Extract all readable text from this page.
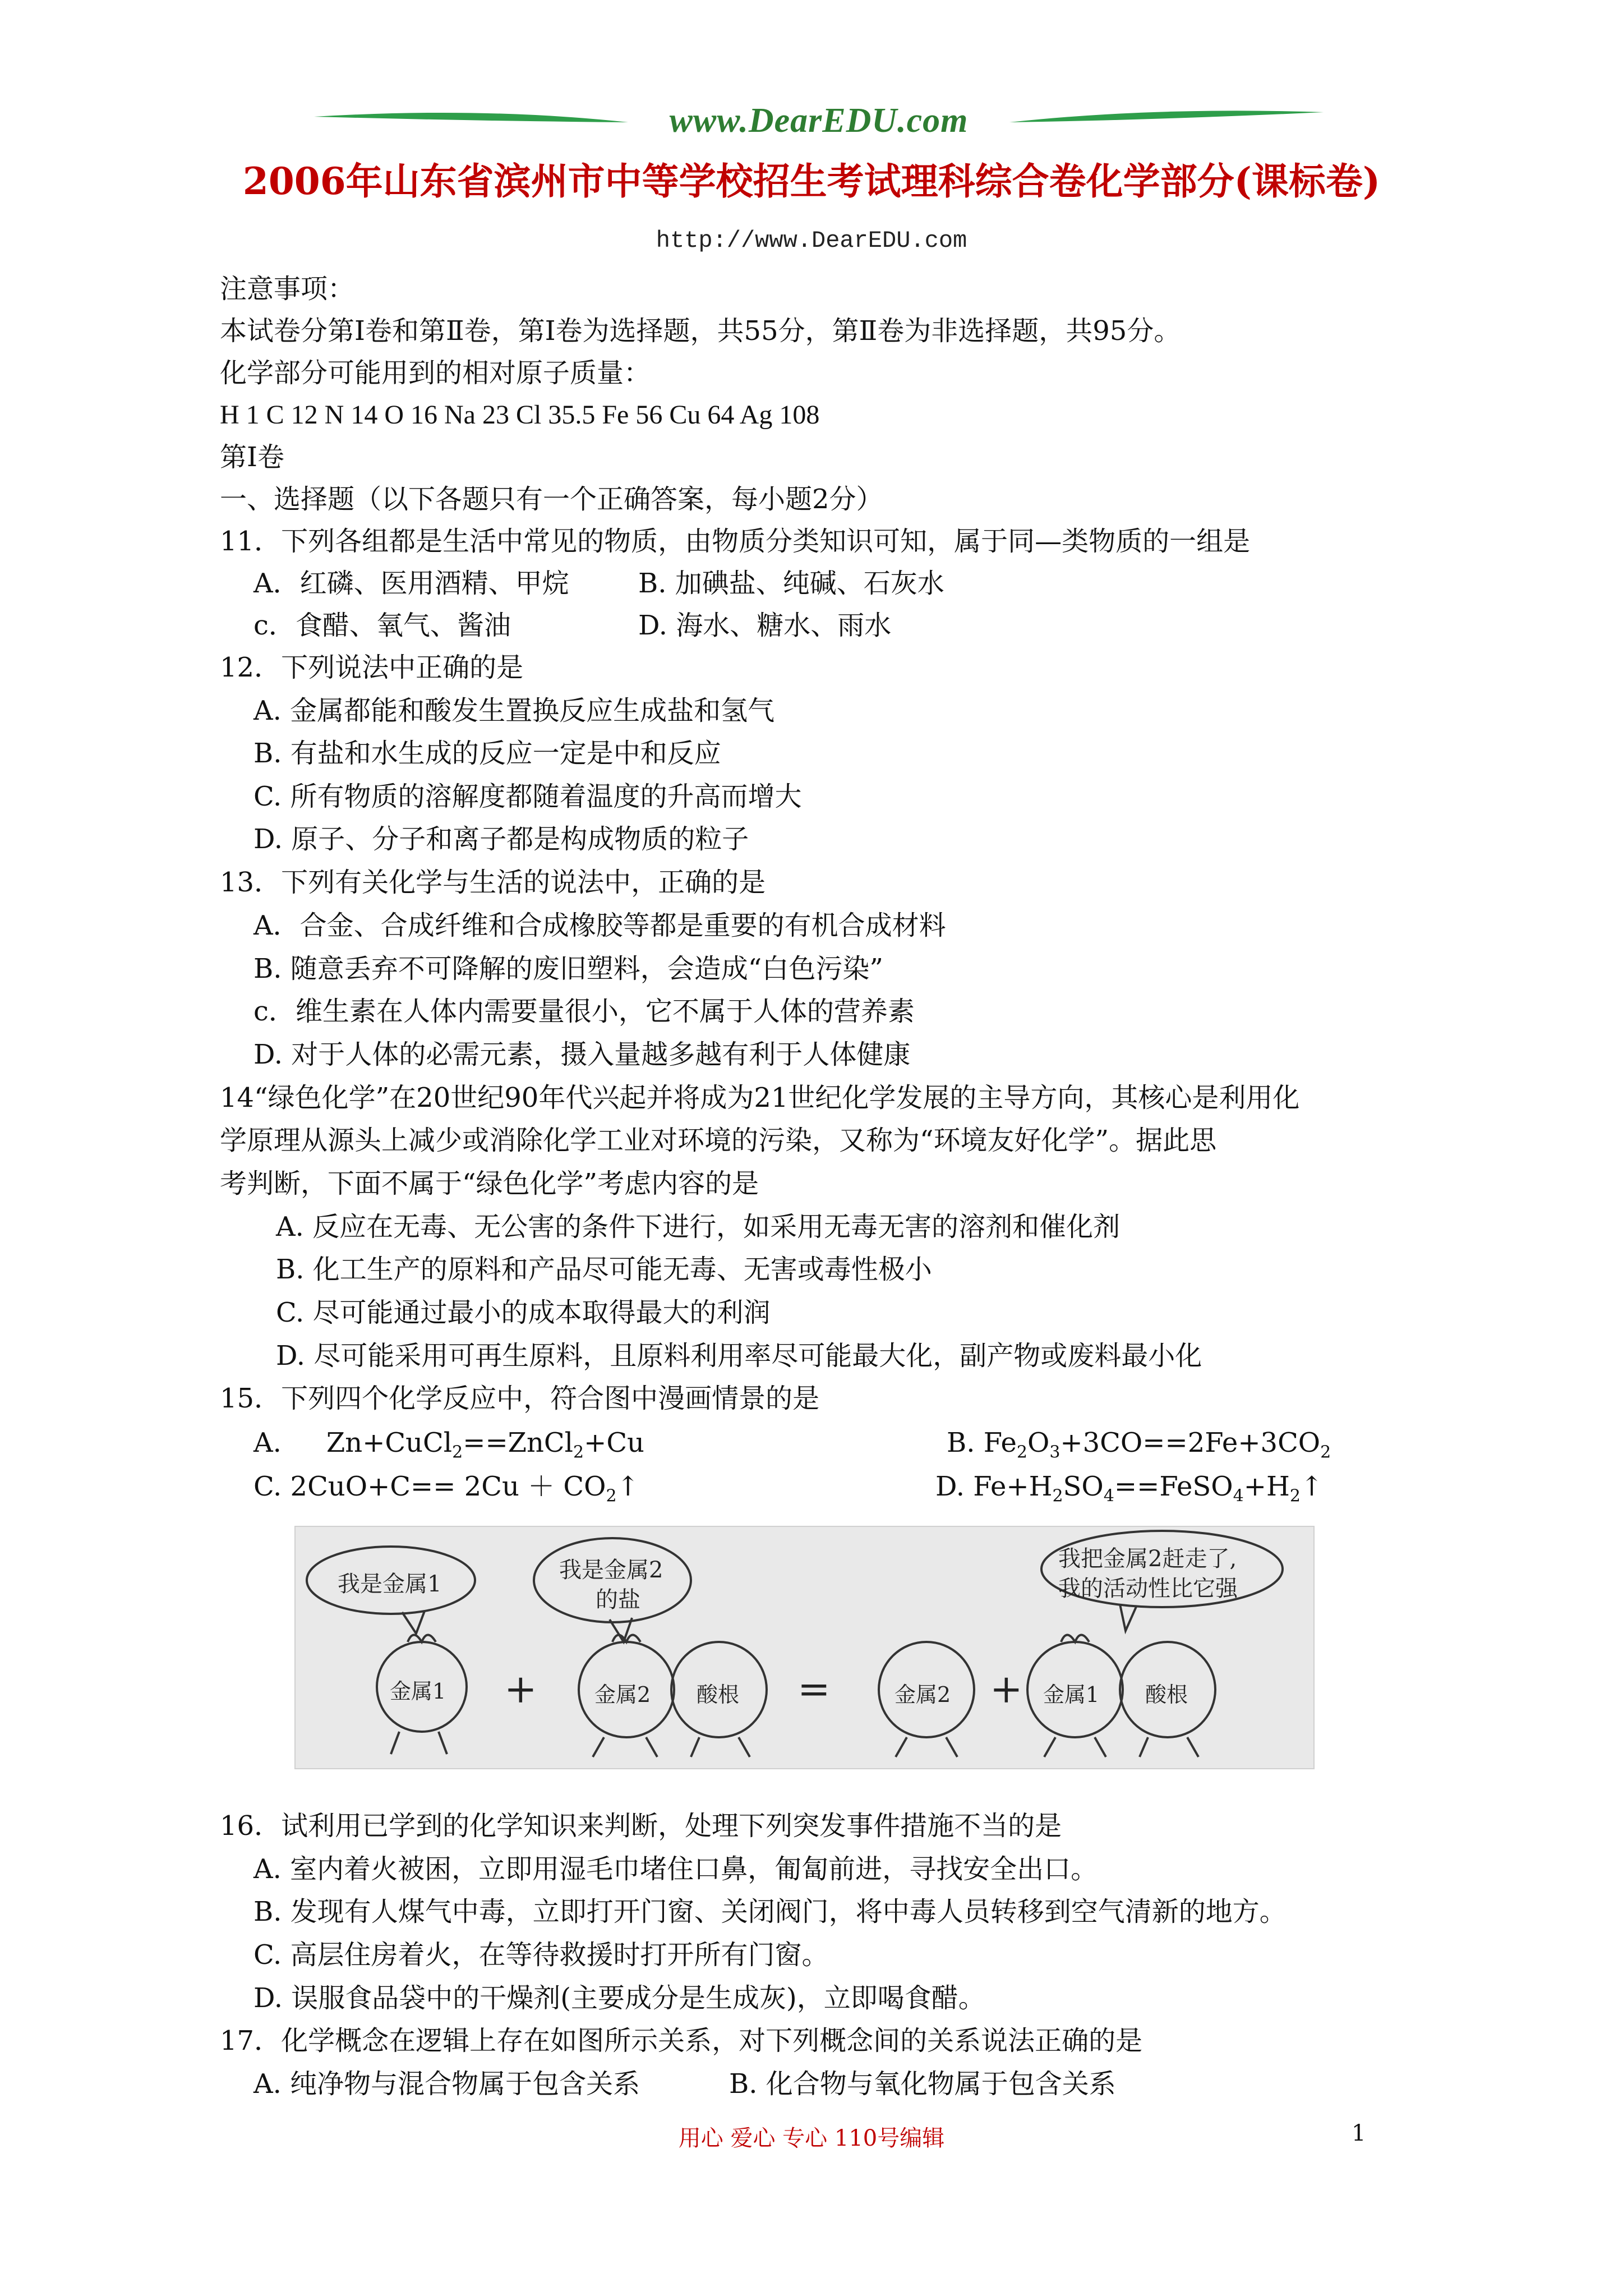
www.DearEDU.com
2006年山东省滨州市中等学校招生考试理科综合卷化学部分(课标卷)
http://www.DearEDU.com
注意事项：
本试卷分第Ⅰ卷和第Ⅱ卷，第Ⅰ卷为选择题，共55分，第Ⅱ卷为非选择题，共95分。
化学部分可能用到的相对原子质量：
H 1 C 12 N 14 O 16 Na 23 Cl 35.5 Fe 56 Cu 64 Ag 108
第Ⅰ卷
一、选择题（以下各题只有一个正确答案，每小题2分）
11．下列各组都是生活中常见的物质，由物质分类知识可知，属于同—类物质的一组是
A．红磷、医用酒精、甲烷	B. 加碘盐、纯碱、石灰水
c．食醋、氧气、酱油	D. 海水、糖水、雨水
12．下列说法中正确的是
A. 金属都能和酸发生置换反应生成盐和氢气
B. 有盐和水生成的反应一定是中和反应
C. 所有物质的溶解度都随着温度的升高而增大
D. 原子、分子和离子都是构成物质的粒子
13．下列有关化学与生活的说法中，正确的是
A．合金、合成纤维和合成橡胶等都是重要的有机合成材料
B. 随意丢弃不可降解的废旧塑料，会造成“白色污染”
c．维生素在人体内需要量很小，它不属于人体的营养素
D. 对于人体的必需元素，摄入量越多越有利于人体健康
14“绿色化学”在20世纪90年代兴起并将成为21世纪化学发展的主导方向，其核心是利用化
学原理从源头上减少或消除化学工业对环境的污染，又称为“环境友好化学”。据此思
考判断，下面不属于“绿色化学”考虑内容的是
A. 反应在无毒、无公害的条件下进行，如采用无毒无害的溶剂和催化剂
B. 化工生产的原料和产品尽可能无毒、无害或毒性极小
C. 尽可能通过最小的成本取得最大的利润
D. 尽可能采用可再生原料，且原料利用率尽可能最大化，副产物或废料最小化
15．下列四个化学反应中，符合图中漫画情景的是
A. Zn+CuCl$_2$==ZnCl$_2$+Cu	B. $Fe_2O_3+3CO==2Fe+3CO_2$
C. $2CuO+C== 2Cu + CO_2↑$	D. $Fe+H_2SO_4==FeSO_4+H_2↑$
我是金属1
我是金属2
的盐
我把金属2赶走了,
我的活动性比它强
金属1	金属2 酸根	金属2	金属1 酸根
+	=	+
16．试利用已学到的化学知识来判断，处理下列突发事件措施不当的是
A. 室内着火被困，立即用湿毛巾堵住口鼻，匍匐前进，寻找安全出口。
B. 发现有人煤气中毒，立即打开门窗、关闭阀门，将中毒人员转移到空气清新的地方。
C. 高层住房着火，在等待救援时打开所有门窗。
D. 误服食品袋中的干燥剂(主要成分是生成灰)，立即喝食醋。
17．化学概念在逻辑上存在如图所示关系，对下列概念间的关系说法正确的是
A. 纯净物与混合物属于包含关系	B. 化合物与氧化物属于包含关系
用心 爱心 专心 110号编辑	1
